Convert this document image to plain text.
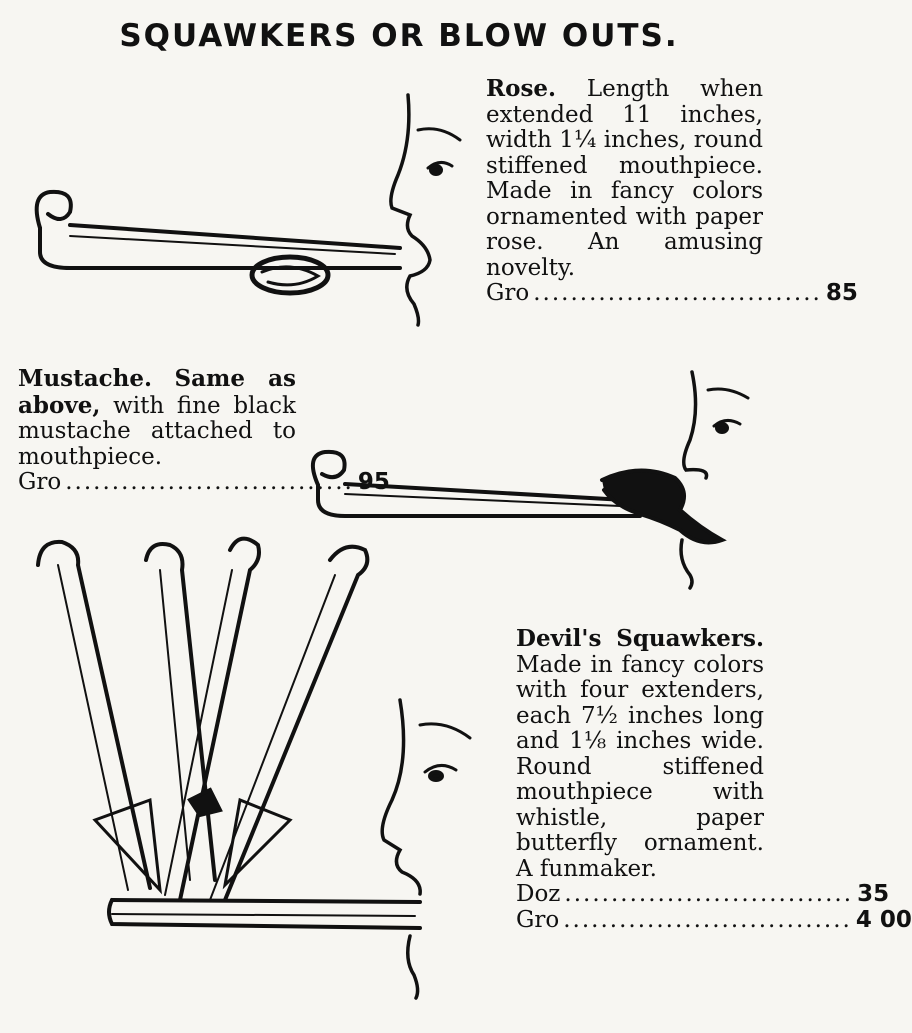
SQUAWKERS OR BLOW OUTS.
Rose. Length when extended 11 inches, width 1¼ inches, round stiffened mouthpiece. Made in fancy colors ornamented with paper rose. An amusing novelty.
Gro ............................... 85
Mustache. Same as above, with fine black mustache attached to mouthpiece.
Gro ............................... 95
Devil's Squawkers. Made in fancy colors with four extenders, each 7½ inches long and 1⅛ inches wide. Round stiffened mouthpiece with whistle, paper butterfly ornament. A funmaker.
Doz ............................... 35
Gro ............................... 4 00
